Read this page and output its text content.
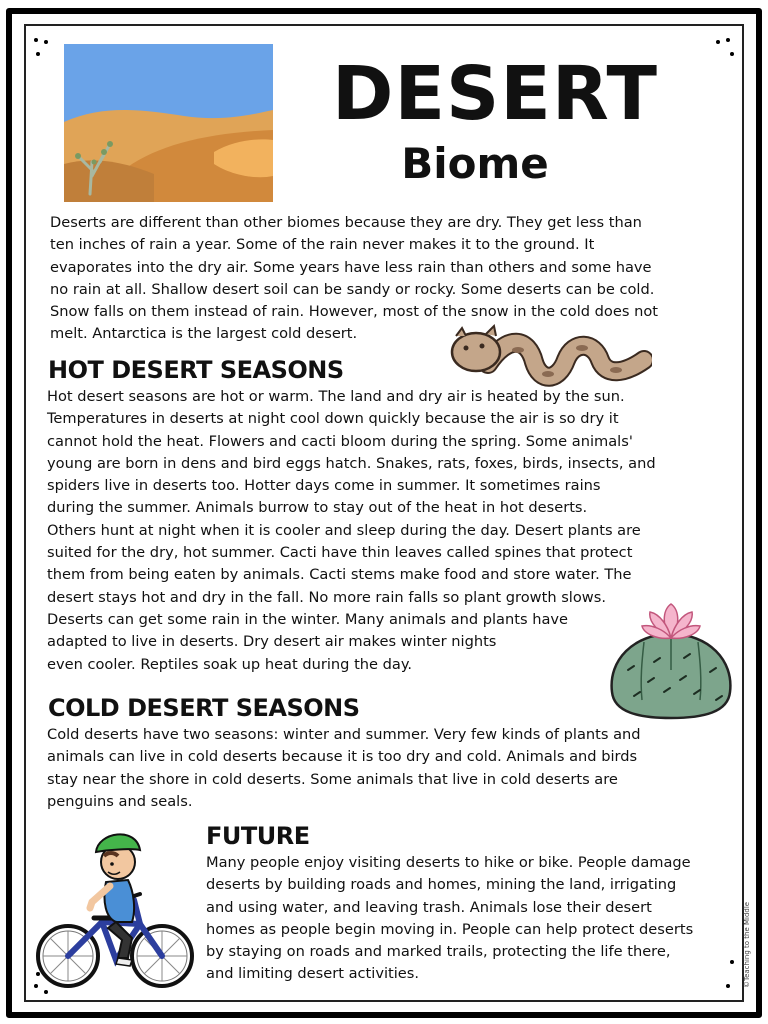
DESERT
Biome
Deserts are different than other biomes because they are dry. They get less than
ten inches of rain a year. Some of the rain never makes it to the ground. It
evaporates into the dry air. Some years have less rain than others and some have
no rain at all. Shallow desert soil can be sandy or rocky. Some deserts can be cold.
Snow falls on them instead of rain. However, most of the snow in the cold does not
melt. Antarctica is the largest cold desert.
HOT DESERT SEASONS
Hot desert seasons are hot or warm. The land and dry air is heated by the sun.
Temperatures in deserts at night cool down quickly because the air is so dry it
cannot hold the heat. Flowers and cacti bloom during the spring. Some animals'
young are born in dens and bird eggs hatch. Snakes, rats, foxes, birds, insects, and
spiders live in deserts too. Hotter days come in summer. It sometimes rains
during the summer. Animals burrow to stay out of the heat in hot deserts.
Others hunt at night when it is cooler and sleep during the day. Desert plants are
suited for the dry, hot summer. Cacti have thin leaves called spines that protect
them from being eaten by animals. Cacti stems make food and store water. The
desert stays hot and dry in the fall. No more rain falls so plant growth slows.
Deserts can get some rain in the winter. Many animals and plants have
adapted to live in deserts. Dry desert air makes winter nights
even cooler. Reptiles soak up heat during the day.
COLD DESERT SEASONS
Cold deserts have two seasons: winter and summer. Very few kinds of plants and
animals can live in cold deserts because it is too dry and cold. Animals and birds
stay near the shore in cold deserts. Some animals that live in cold deserts are
penguins and seals.
FUTURE
Many people enjoy visiting deserts to hike or bike. People damage
deserts by building roads and homes, mining the land, irrigating
and using water, and leaving trash. Animals lose their desert
homes as people begin moving in. People can help protect deserts
by staying on roads and marked trails, protecting the life there,
and limiting desert activities.	©Teaching to the Middle
